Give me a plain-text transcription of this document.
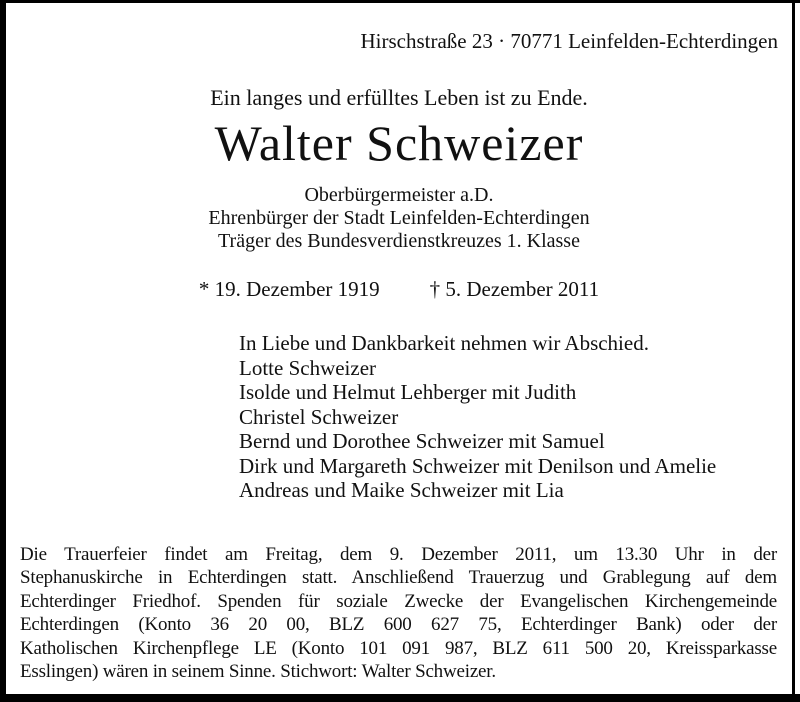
Hirschstraße 23 · 70771 Leinfelden-Echterdingen
Ein langes und erfülltes Leben ist zu Ende.
Walter Schweizer
Oberbürgermeister a.D.
Ehrenbürger der Stadt Leinfelden-Echterdingen
Träger des Bundesverdienstkreuzes 1. Klasse
* 19. Dezember 1919 † 5. Dezember 2011
In Liebe und Dankbarkeit nehmen wir Abschied.
Lotte Schweizer
Isolde und Helmut Lehberger mit Judith
Christel Schweizer
Bernd und Dorothee Schweizer mit Samuel
Dirk und Margareth Schweizer mit Denilson und Amelie
Andreas und Maike Schweizer mit Lia
Die Trauerfeier findet am Freitag, dem 9. Dezember 2011, um 13.30 Uhr in der
Stephanuskirche in Echterdingen statt. Anschließend Trauerzug und Grablegung auf dem
Echterdinger Friedhof. Spenden für soziale Zwecke der Evangelischen Kirchengemeinde
Echterdingen (Konto 36 20 00, BLZ 600 627 75, Echterdinger Bank) oder der
Katholischen Kirchenpflege LE (Konto 101 091 987, BLZ 611 500 20, Kreissparkasse
Esslingen) wären in seinem Sinne. Stichwort: Walter Schweizer.
